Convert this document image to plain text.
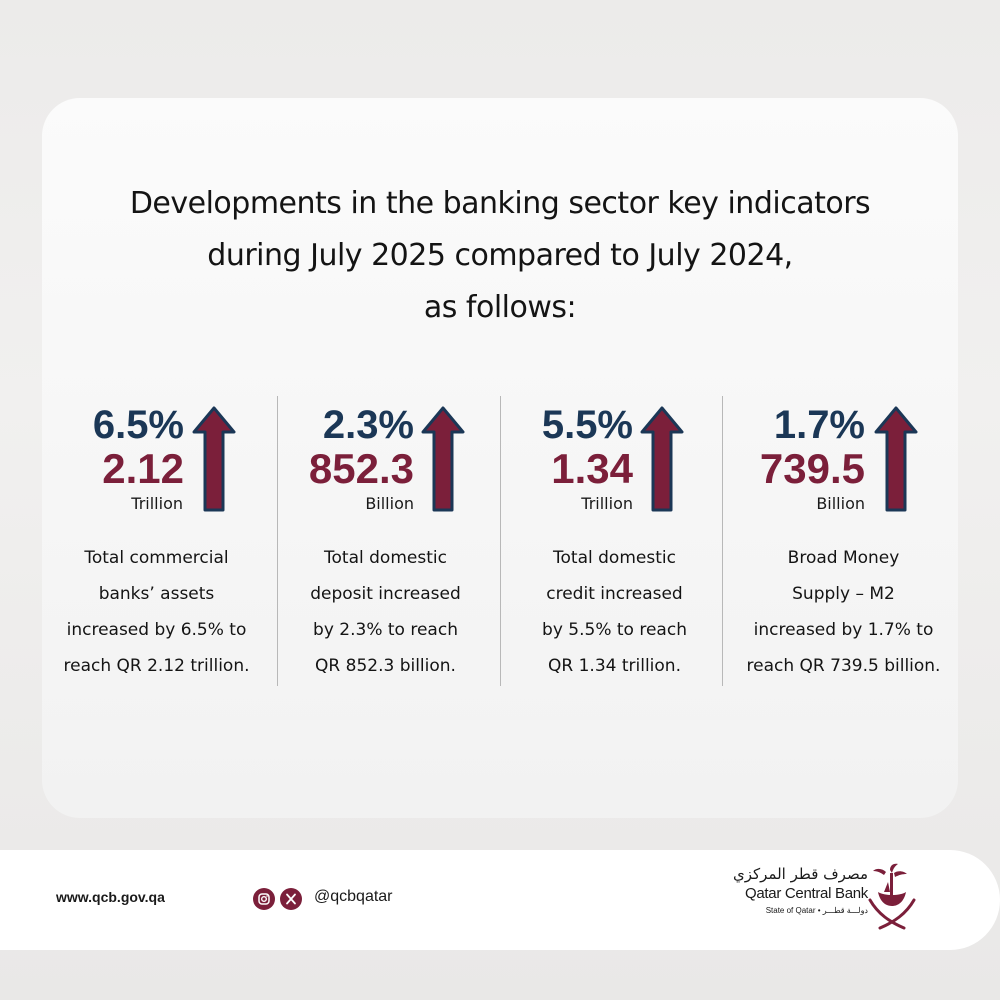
Developments in the banking sector key indicators
during July 2025 compared to July 2024,
as follows:
6.5%
2.12
Trillion

Total commercial
banks’ assets
increased by 6.5% to
reach QR 2.12 trillion.

2.3%
852.3
Billion

Total domestic
deposit increased
by 2.3% to reach
QR 852.3 billion.

5.5%
1.34
Trillion

Total domestic
credit increased
by 5.5% to reach
QR 1.34 trillion.

1.7%
739.5
Billion

Broad Money
Supply – M2
increased by 1.7% to
reach QR 739.5 billion.

www.qcb.gov.qa	@qcbqatar
مصرف قطر المركزي
Qatar Central Bank
State of Qatar • دولـــة قطـــر
